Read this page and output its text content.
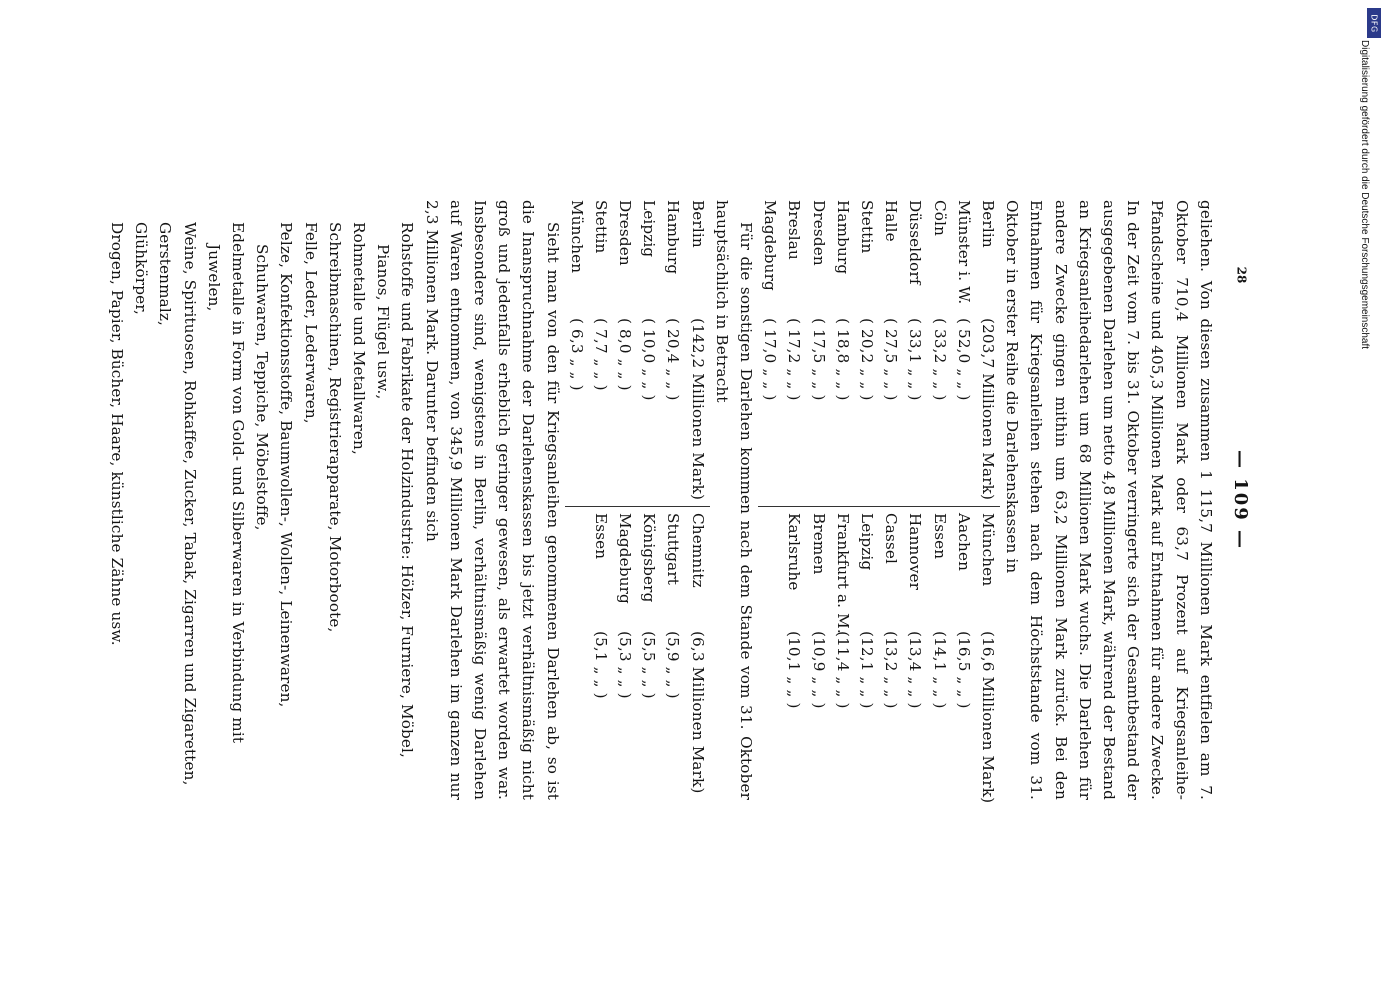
— 109 —

geliehen. Von diesen zusammen 1 115,7 Millionen Mark entfielen am 7. Oktober 710,4 Millionen Mark oder 63,7 Prozent auf Kriegsanleihe-Pfandscheine und 405,3 Millionen Mark auf Entnahmen für andere Zwecke. In der Zeit vom 7. bis 31. Oktober verringerte sich der Gesamtbestand der ausgegebenen Darlehen um netto 4,8 Millionen Mark, während der Bestand an Kriegsanleihedarlehen um 68 Millionen Mark wuchs. Die Darlehen für andere Zwecke gingen mithin um 63,2 Millionen Mark zurück. Bei den Entnahmen für Kriegsanleihen stehen nach dem Höchststande vom 31. Oktober in erster Reihe die Darlehenskassen in

Berlin
(203,7 Millionen Mark)
Münster i. W.
( 52,0 „ „ )
Cöln
( 33,2 „ „ )
Düsseldorf
( 33,1 „ „ )
Halle
( 27,5 „ „ )
Stettin
( 20,2 „ „ )
Hamburg
( 18,8 „ „ )
Dresden
( 17,5 „ „ )
Breslau
( 17,2 „ „ )
Magdeburg
( 17,0 „ „ )
München
(16,6 Millionen Mark)
Aachen
(16,5 „ „ )
Essen
(14,1 „ „ )
Hannover
(13,4 „ „ )
Cassel
(13,2 „ „ )
Leipzig
(12,1 „ „ )
Frankfurt a. M.
(11,4 „ „ )
Bremen
(10,9 „ „ )
Karlsruhe
(10,1 „ „ )

Für die sonstigen Darlehen kommen nach dem Stande vom 31. Oktober hauptsächlich in Betracht

Berlin
(142,2 Millionen Mark)
Hamburg
( 20,4 „ „ )
Leipzig
( 10,0 „ „ )
Dresden
( 8,0 „ „ )
Stettin
( 7,7 „ „ )
München
( 6,3 „ „ )
Chemnitz
(6,3 Millionen Mark)
Stuttgart
(5,9 „ „ )
Königsberg
(5,5 „ „ )
Magdeburg
(5,3 „ „ )
Essen
(5,1 „ „ )

Sieht man von den für Kriegsanleihen genommenen Darlehen ab, so ist die Inanspruchnahme der Darlehenskassen bis jetzt verhältnismäßig nicht groß und jedenfalls erheblich geringer gewesen, als erwartet worden war. Insbesondere sind, wenigstens in Berlin, verhältnismäßig wenig Darlehen auf Waren entnommen, von 345,9 Millionen Mark Darlehen im ganzen nur 2,3 Millionen Mark. Darunter befinden sich

Rohstoffe und Fabrikate der Holzindustrie: Hölzer, Furniere, Möbel, Pianos, Flügel usw.,
Rohmetalle und Metallwaren,
Schreibmaschinen, Registrierapparate, Motorboote,
Felle, Leder, Lederwaren,
Pelze, Konfektionsstoffe, Baumwollen-, Wollen-, Leinenwaren, Schuhwaren, Teppiche, Möbelstoffe,
Edelmetalle in Form von Gold- und Silberwaren in Verbindung mit Juwelen,
Weine, Spirituosen, Rohkaffee, Zucker, Tabak, Zigarren und Zigaretten,
Gerstenmalz,
Glühkörper,
Drogen, Papier, Bücher, Haare, künstliche Zähne usw.	28
DFG
Digitalisierung gefördert durch die Deutsche Forschungsgemeinschaft
